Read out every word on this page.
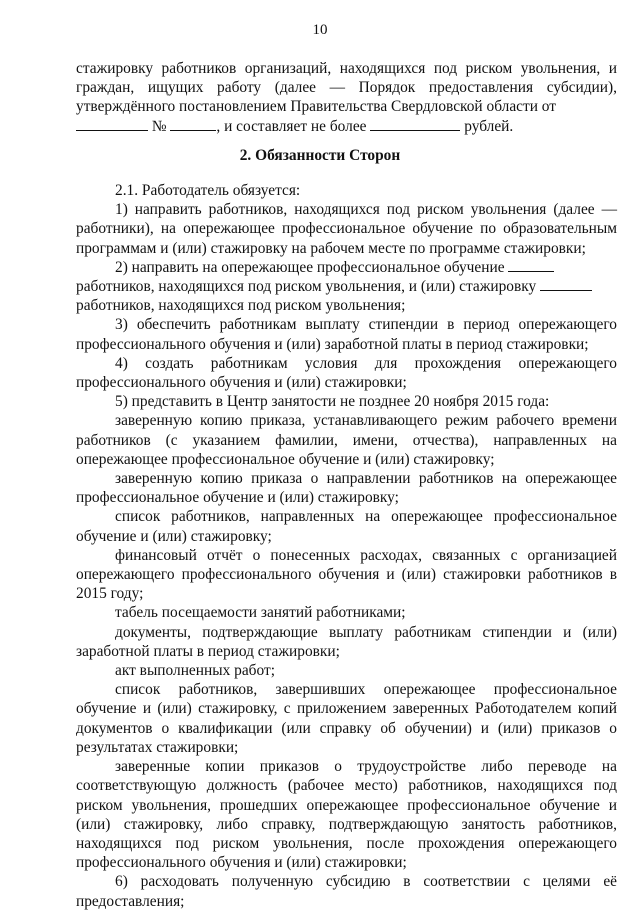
10

стажировку работников организаций, находящихся под риском увольнения, и граждан, ищущих работу (далее — Порядок предоставления субсидии), утверждённого постановлением Правительства Свердловской области от

№	, и составляет не более	рублей.

2. Обязанности Сторон

2.1. Работодатель обязуется:

1) направить работников, находящихся под риском увольнения (далее — работники), на опережающее профессиональное обучение по образовательным программам и (или) стажировку на рабочем месте по программе стажировки;

2) направить на опережающее профессиональное обучение

работников, находящихся под риском увольнения, и (или) стажировку

работников, находящихся под риском увольнения;

3) обеспечить работникам выплату стипендии в период опережающего профессионального обучения и (или) заработной платы в период стажировки;

4) создать работникам условия для прохождения опережающего профессионального обучения и (или) стажировки;

5) представить в Центр занятости не позднее 20 ноября 2015 года:

заверенную копию приказа, устанавливающего режим рабочего времени работников (с указанием фамилии, имени, отчества), направленных на опережающее профессиональное обучение и (или) стажировку;

заверенную копию приказа о направлении работников на опережающее профессиональное обучение и (или) стажировку;

список работников, направленных на опережающее профессиональное обучение и (или) стажировку;

финансовый отчёт о понесенных расходах, связанных с организацией опережающего профессионального обучения и (или) стажировки работников в 2015 году;

табель посещаемости занятий работниками;

документы, подтверждающие выплату работникам стипендии и (или) заработной платы в период стажировки;

акт выполненных работ;

список работников, завершивших опережающее профессиональное обучение и (или) стажировку, с приложением заверенных Работодателем копий документов о квалификации (или справку об обучении) и (или) приказов о результатах стажировки;

заверенные копии приказов о трудоустройстве либо переводе на соответствующую должность (рабочее место) работников, находящихся под риском увольнения, прошедших опережающее профессиональное обучение и (или) стажировку, либо справку, подтверждающую занятость работников, находящихся под риском увольнения, после прохождения опережающего профессионального обучения и (или) стажировки;

6) расходовать полученную субсидию в соответствии с целями её предоставления;
